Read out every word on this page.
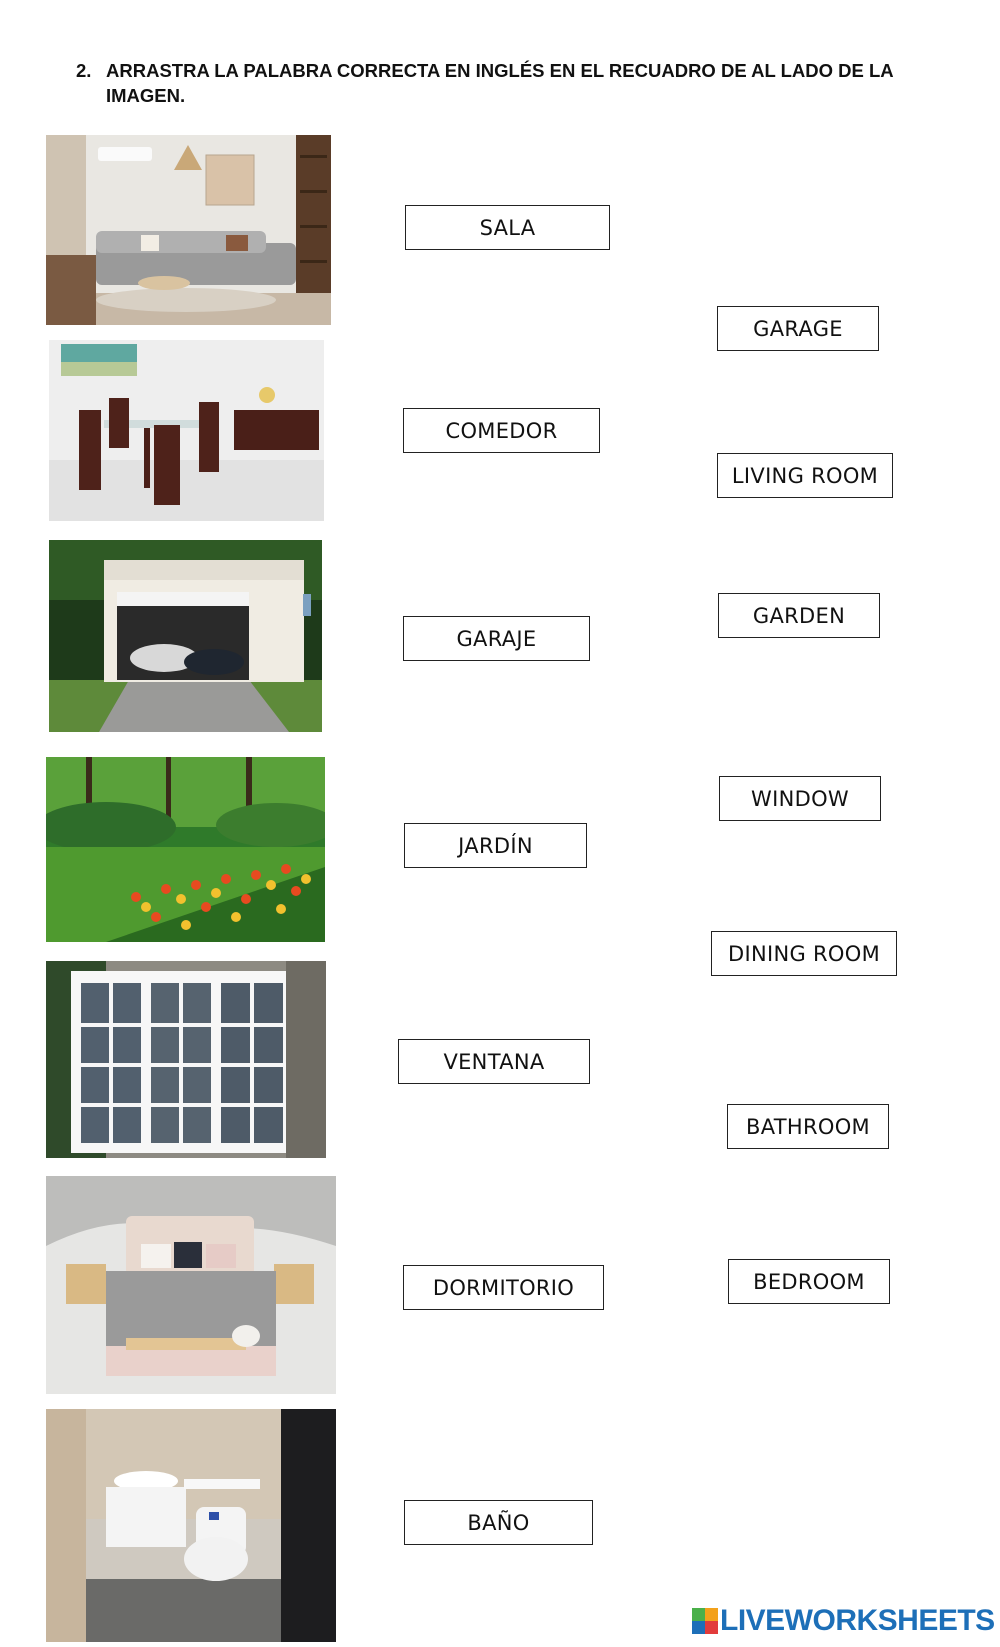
2. ARRASTRA LA PALABRA CORRECTA EN INGLÉS EN EL RECUADRO DE AL LADO DE LA IMAGEN.
SALA
COMEDOR
GARAJE
JARDÍN
VENTANA
DORMITORIO
BAÑO
GARAGE
LIVING ROOM
GARDEN
WINDOW
DINING ROOM
BATHROOM
BEDROOM
LIVEWORKSHEETS
